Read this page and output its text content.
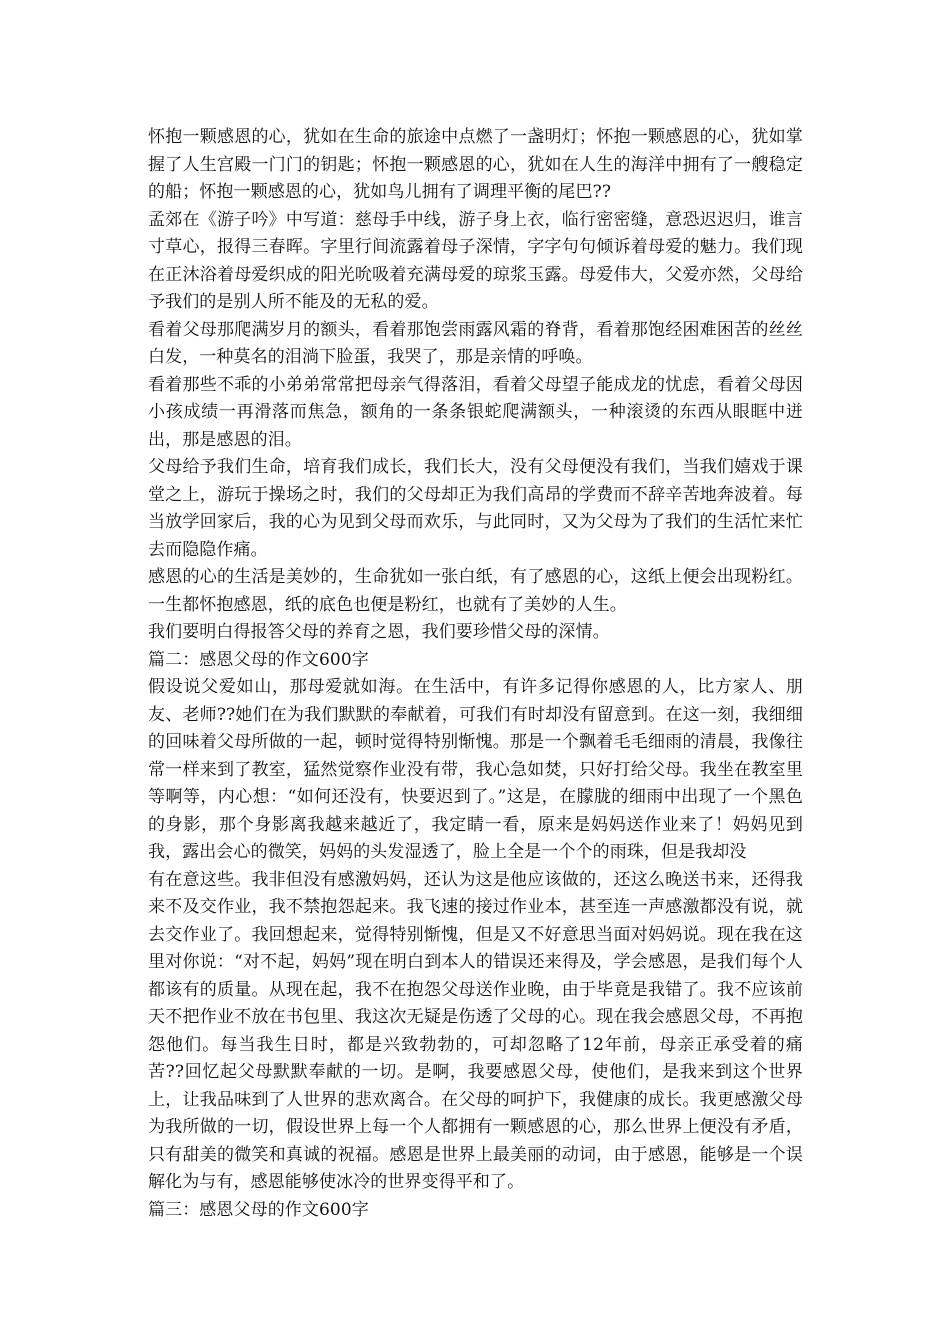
怀抱一颗感恩的心，犹如在生命的旅途中点燃了一盏明灯；怀抱一颗感恩的心，犹如掌握了人生宫殿一门门的钥匙；怀抱一颗感恩的心，犹如在人生的海洋中拥有了一艘稳定的船；怀抱一颗感恩的心，犹如鸟儿拥有了调理平衡的尾巴??

孟郊在《游子吟》中写道：慈母手中线，游子身上衣，临行密密缝，意恐迟迟归，谁言寸草心，报得三春晖。字里行间流露着母子深情，字字句句倾诉着母爱的魅力。我们现在正沐浴着母爱织成的阳光吮吸着充满母爱的琼浆玉露。母爱伟大，父爱亦然，父母给予我们的是别人所不能及的无私的爱。

看着父母那爬满岁月的额头，看着那饱尝雨露风霜的脊背，看着那饱经困难困苦的丝丝白发，一种莫名的泪淌下脸蛋，我哭了，那是亲情的呼唤。

看着那些不乖的小弟弟常常把母亲气得落泪，看着父母望子能成龙的忧虑，看着父母因小孩成绩一再滑落而焦急，额角的一条条银蛇爬满额头，一种滚烫的东西从眼眶中迸出，那是感恩的泪。

父母给予我们生命，培育我们成长，我们长大，没有父母便没有我们，当我们嬉戏于课堂之上，游玩于操场之时，我们的父母却正为我们高昂的学费而不辞辛苦地奔波着。每当放学回家后，我的心为见到父母而欢乐，与此同时，又为父母为了我们的生活忙来忙去而隐隐作痛。

感恩的心的生活是美妙的，生命犹如一张白纸，有了感恩的心，这纸上便会出现粉红。一生都怀抱感恩，纸的底色也便是粉红，也就有了美妙的人生。

我们要明白得报答父母的养育之恩，我们要珍惜父母的深情。

篇二：感恩父母的作文600字

假设说父爱如山，那母爱就如海。在生活中，有许多记得你感恩的人，比方家人、朋友、老师??她们在为我们默默的奉献着，可我们有时却没有留意到。在这一刻，我细细的回味着父母所做的一起，顿时觉得特别惭愧。那是一个飘着毛毛细雨的清晨，我像往常一样来到了教室，猛然觉察作业没有带，我心急如焚，只好打给父母。我坐在教室里等啊等，内心想：“如何还没有，快要迟到了。”这是，在朦胧的细雨中出现了一个黑色的身影，那个身影离我越来越近了，我定睛一看，原来是妈妈送作业来了！妈妈见到我，露出会心的微笑，妈妈的头发湿透了，脸上全是一个个的雨珠，但是我却没

有在意这些。我非但没有感激妈妈，还认为这是他应该做的，还这么晚送书来，还得我来不及交作业，我不禁抱怨起来。我飞速的接过作业本，甚至连一声感激都没有说，就去交作业了。我回想起来，觉得特别惭愧，但是又不好意思当面对妈妈说。现在我在这里对你说：“对不起，妈妈”现在明白到本人的错误还来得及，学会感恩，是我们每个人都该有的质量。从现在起，我不在抱怨父母送作业晚，由于毕竟是我错了。我不应该前天不把作业不放在书包里、我这次无疑是伤透了父母的心。现在我会感恩父母，不再抱怨他们。每当我生日时，都是兴致勃勃的，可却忽略了12年前，母亲正承受着的痛苦??回忆起父母默默奉献的一切。是啊，我要感恩父母，使他们，是我来到这个世界上，让我品味到了人世界的悲欢离合。在父母的呵护下，我健康的成长。我更感激父母为我所做的一切，假设世界上每一个人都拥有一颗感恩的心，那么世界上便没有矛盾，只有甜美的微笑和真诚的祝福。感恩是世界上最美丽的动词，由于感恩，能够是一个误解化为与有，感恩能够使冰冷的世界变得平和了。

篇三：感恩父母的作文600字
